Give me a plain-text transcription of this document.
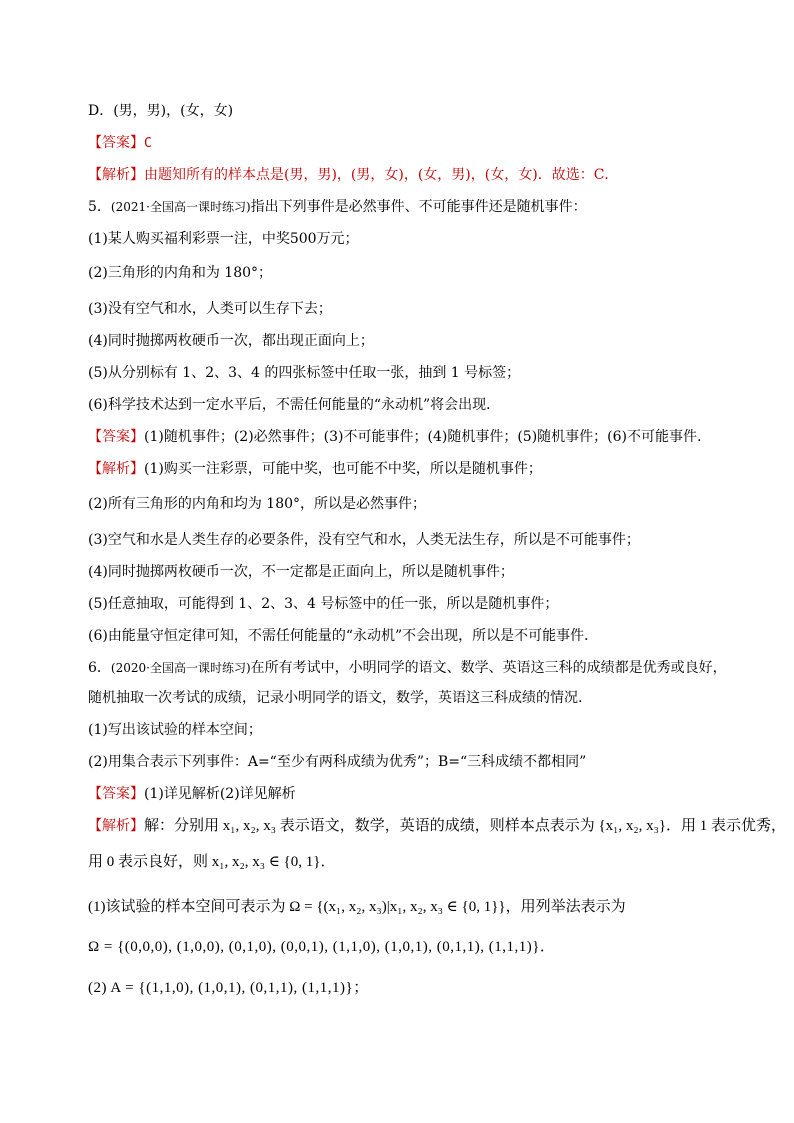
D．(男，男)，(女，女)
【答案】C
【解析】由题知所有的样本点是(男，男)，(男，女)，(女，男)，(女，女)．故选：C．
5．(2021·全国高一课时练习)指出下列事件是必然事件、不可能事件还是随机事件：
(1)某人购买福利彩票一注，中奖500万元；
(2)三角形的内角和为 180°；
(3)没有空气和水，人类可以生存下去；
(4)同时抛掷两枚硬币一次，都出现正面向上；
(5)从分别标有 1、2、3、4 的四张标签中任取一张，抽到 1 号标签；
(6)科学技术达到一定水平后，不需任何能量的“永动机”将会出现．
【答案】(1)随机事件；(2)必然事件；(3)不可能事件；(4)随机事件；(5)随机事件；(6)不可能事件.
【解析】(1)购买一注彩票，可能中奖，也可能不中奖，所以是随机事件；
(2)所有三角形的内角和均为 180°，所以是必然事件；
(3)空气和水是人类生存的必要条件，没有空气和水，人类无法生存，所以是不可能事件；
(4)同时抛掷两枚硬币一次，不一定都是正面向上，所以是随机事件；
(5)任意抽取，可能得到 1、2、3、4 号标签中的任一张，所以是随机事件；
(6)由能量守恒定律可知，不需任何能量的“永动机”不会出现，所以是不可能事件．
6．(2020·全国高一课时练习)在所有考试中，小明同学的语文、数学、英语这三科的成绩都是优秀或良好，
随机抽取一次考试的成绩，记录小明同学的语文，数学，英语这三科成绩的情况.
(1)写出该试验的样本空间；
(2)用集合表示下列事件：A=“至少有两科成绩为优秀”；B=“三科成绩不都相同”
【答案】(1)详见解析(2)详见解析
【解析】解：分别用 x₁, x₂, x₃ 表示语文，数学，英语的成绩，则样本点表示为 {x₁, x₂, x₃}．用 1 表示优秀，
用 0 表示良好，则 x₁, x₂, x₃ ∈ {0, 1}．
(1)该试验的样本空间可表示为 Ω = {(x₁, x₂, x₃)|x₁, x₂, x₃ ∈ {0, 1}}，用列举法表示为
Ω = {(0,0,0), (1,0,0), (0,1,0), (0,0,1), (1,1,0), (1,0,1), (0,1,1), (1,1,1)}．
(2) A = {(1,1,0), (1,0,1), (0,1,1), (1,1,1)}；
